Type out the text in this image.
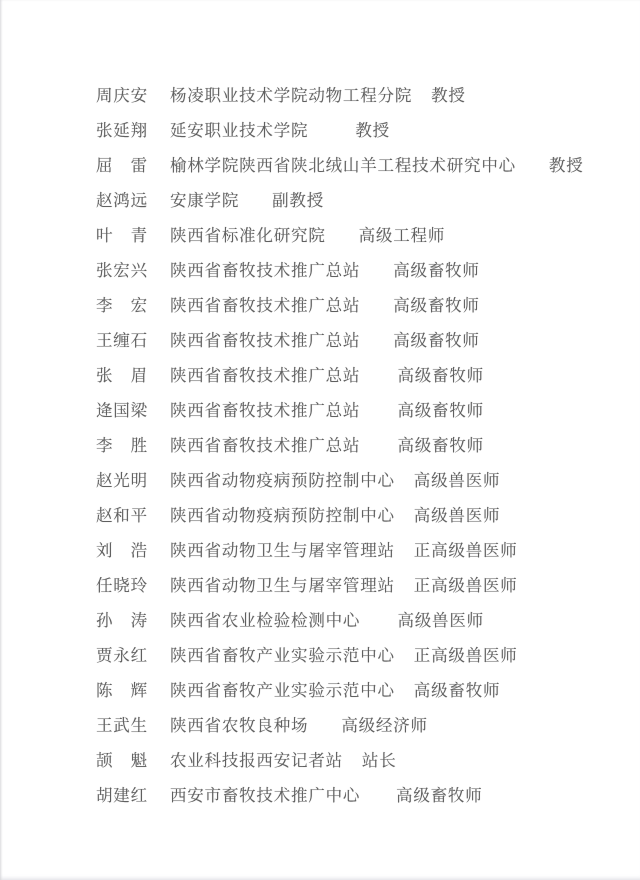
周庆安 杨凌职业技术学院动物工程分院 教授
张延翔 延安职业技术学院	教授
屈　雷 榆林学院陕西省陕北绒山羊工程技术研究中心 教授
赵鸿远 安康学院 副教授
叶　青 陕西省标准化研究院 高级工程师
张宏兴 陕西省畜牧技术推广总站 高级畜牧师
李　宏 陕西省畜牧技术推广总站 高级畜牧师
王缠石 陕西省畜牧技术推广总站 高级畜牧师
张　眉 陕西省畜牧技术推广总站 高级畜牧师
逄国梁 陕西省畜牧技术推广总站 高级畜牧师
李　胜 陕西省畜牧技术推广总站 高级畜牧师
赵光明 陕西省动物疫病预防控制中心 高级兽医师
赵和平 陕西省动物疫病预防控制中心 高级兽医师
刘　浩 陕西省动物卫生与屠宰管理站 正高级兽医师
任晓玲 陕西省动物卫生与屠宰管理站 正高级兽医师
孙　涛 陕西省农业检验检测中心 高级兽医师
贾永红 陕西省畜牧产业实验示范中心 正高级兽医师
陈　辉 陕西省畜牧产业实验示范中心 高级畜牧师
王武生 陕西省农牧良种场 高级经济师
颉　魁 农业科技报西安记者站 站长
胡建红 西安市畜牧技术推广中心 高级畜牧师
